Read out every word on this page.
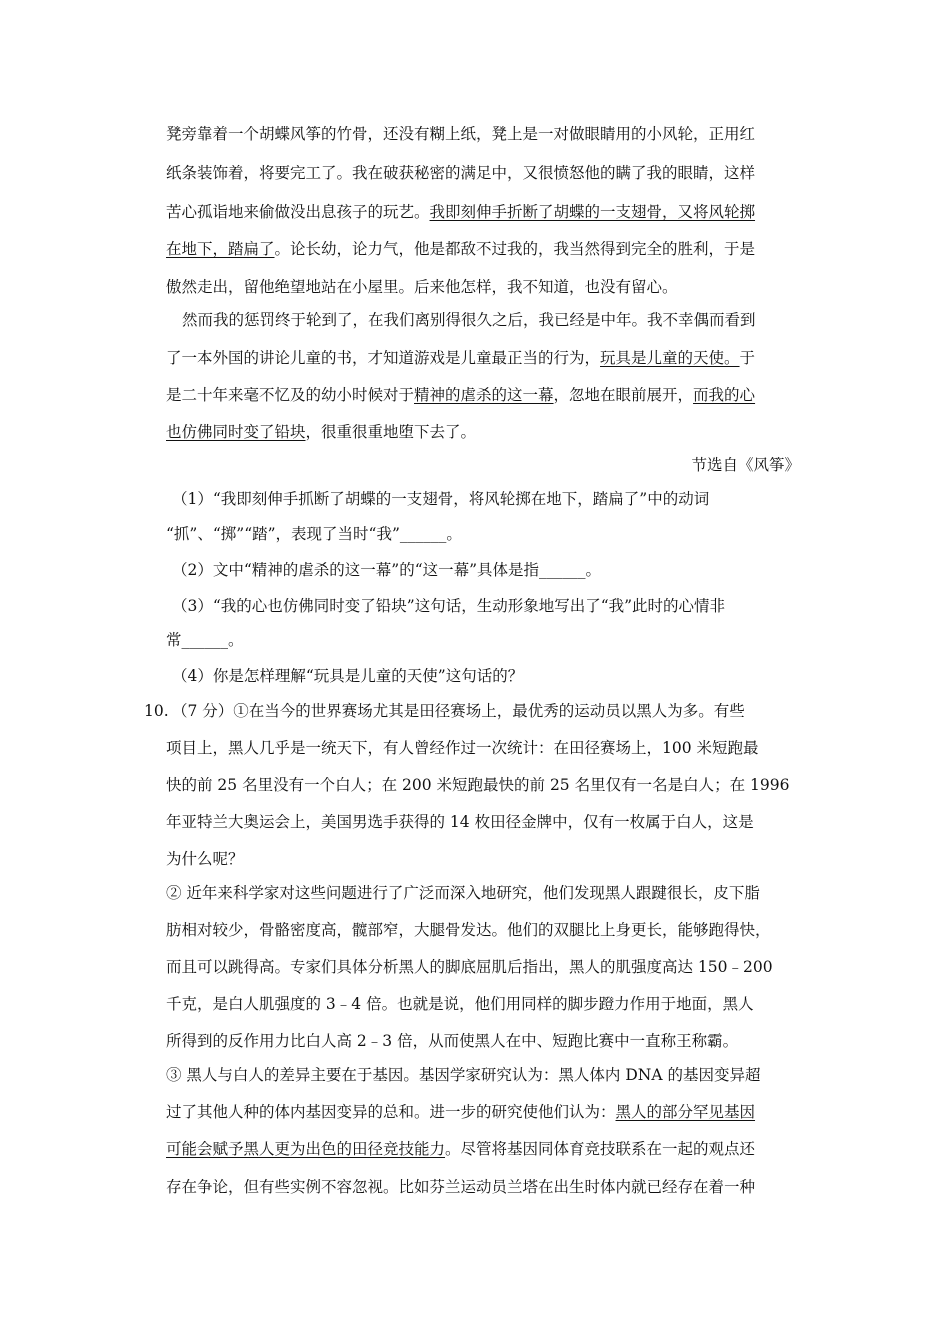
凳旁靠着一个胡蝶风筝的竹骨，还没有糊上纸，凳上是一对做眼睛用的小风轮，正用红
纸条装饰着，将要完工了。我在破获秘密的满足中，又很愤怒他的瞒了我的眼睛，这样
苦心孤诣地来偷做没出息孩子的玩艺。我即刻伸手折断了胡蝶的一支翅骨，又将风轮掷
在地下，踏扁了。论长幼，论力气，他是都敌不过我的，我当然得到完全的胜利，于是
傲然走出，留他绝望地站在小屋里。后来他怎样，我不知道，也没有留心。
然而我的惩罚终于轮到了，在我们离别得很久之后，我已经是中年。我不幸偶而看到
了一本外国的讲论儿童的书，才知道游戏是儿童最正当的行为，玩具是儿童的天使。于
是二十年来毫不忆及的幼小时候对于精神的虐杀的这一幕，忽地在眼前展开，而我的心
也仿佛同时变了铅块，很重很重地堕下去了。
节选自《风筝》
（1）“我即刻伸手抓断了胡蝶的一支翅骨，将风轮掷在地下，踏扁了”中的动词
“抓”、“掷”“踏”，表现了当时“我”______。
（2）文中“精神的虐杀的这一幕”的“这一幕”具体是指______。
（3）“我的心也仿佛同时变了铅块”这句话，生动形象地写出了“我”此时的心情非
常______。
（4）你是怎样理解“玩具是儿童的天使”这句话的？
10. （7 分）①在当今的世界赛场尤其是田径赛场上，最优秀的运动员以黑人为多。有些
项目上，黑人几乎是一统天下，有人曾经作过一次统计：在田径赛场上，100 米短跑最
快的前 25 名里没有一个白人；在 200 米短跑最快的前 25 名里仅有一名是白人；在 1996
年亚特兰大奥运会上，美国男选手获得的 14 枚田径金牌中，仅有一枚属于白人，这是
为什么呢？
② 近年来科学家对这些问题进行了广泛而深入地研究，他们发现黑人跟踺很长，皮下脂
肪相对较少，骨骼密度高，髋部窄，大腿骨发达。他们的双腿比上身更长，能够跑得快，
而且可以跳得高。专家们具体分析黑人的脚底屈肌后指出，黑人的肌强度高达 150﹣200
千克，是白人肌强度的 3﹣4 倍。也就是说，他们用同样的脚步蹬力作用于地面，黑人
所得到的反作用力比白人高 2﹣3 倍，从而使黑人在中、短跑比赛中一直称王称霸。
③ 黑人与白人的差异主要在于基因。基因学家研究认为：黑人体内 DNA 的基因变异超
过了其他人种的体内基因变异的总和。进一步的研究使他们认为：黑人的部分罕见基因
可能会赋予黑人更为出色的田径竞技能力。尽管将基因同体育竞技联系在一起的观点还
存在争论，但有些实例不容忽视。比如芬兰运动员兰塔在出生时体内就已经存在着一种
